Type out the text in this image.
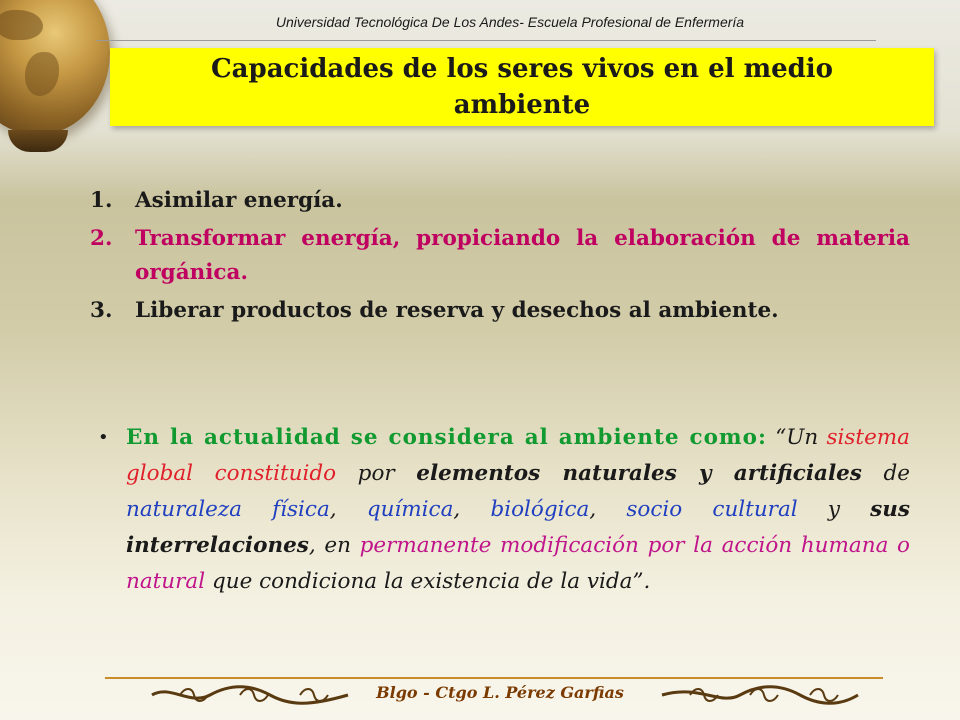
Universidad Tecnológica De Los Andes- Escuela Profesional de Enfermería
Capacidades de los seres vivos en el medio ambiente
1.	Asimilar energía.
2.	Transformar energía, propiciando la elaboración de materia orgánica.
3.	Liberar productos de reserva y desechos al ambiente.
• En la actualidad se considera al ambiente como: “Un sistema global constituido por elementos naturales y artificiales de naturaleza física, química, biológica, socio cultural y sus interrelaciones, en permanente modificación por la acción humana o natural que condiciona la existencia de la vida”.
Blgo - Ctgo L. Pérez Garfias
